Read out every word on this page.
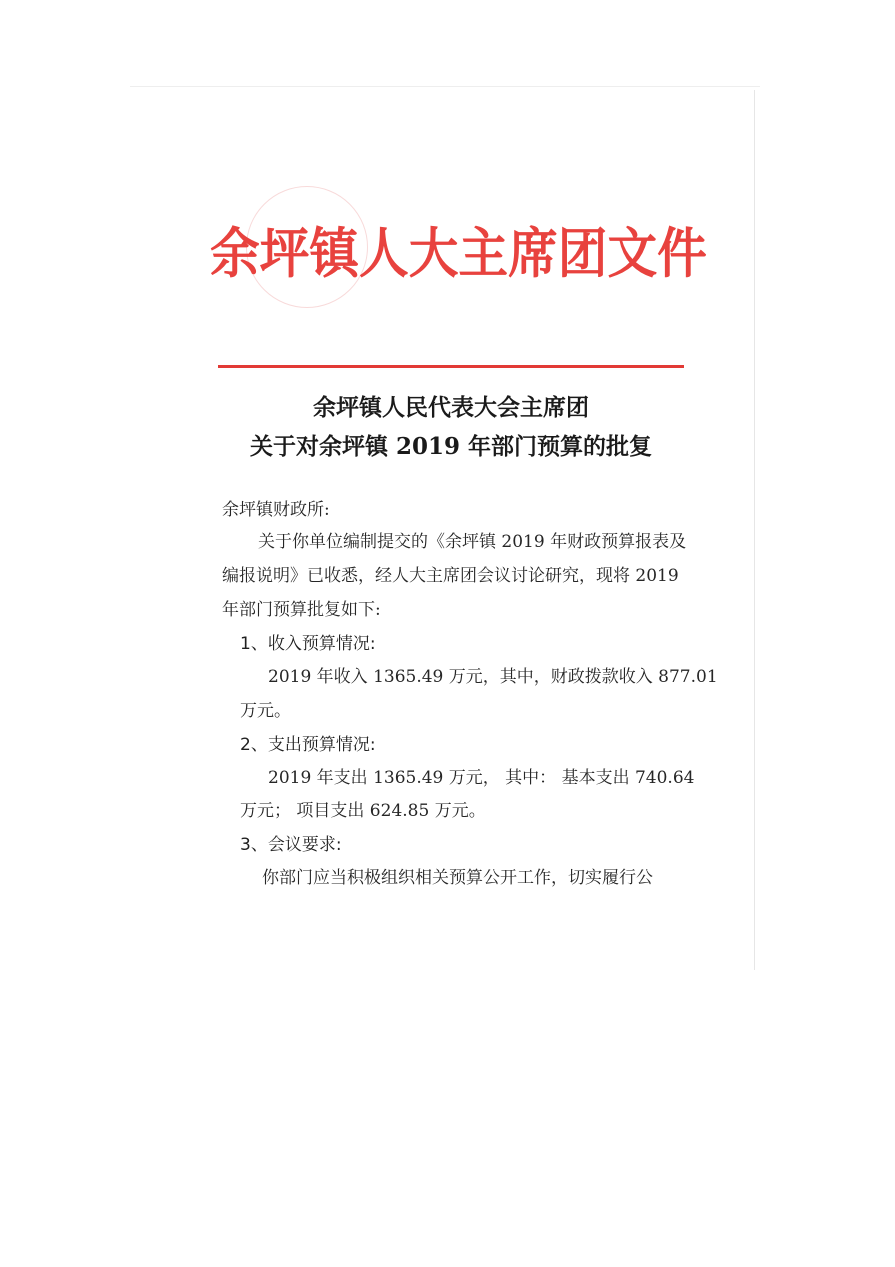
余坪镇人大主席团文件
余坪镇人民代表大会主席团
关于对余坪镇 2019 年部门预算的批复

余坪镇财政所:

关于你单位编制提交的《余坪镇 2019 年财政预算报表及

编报说明》已收悉，经人大主席团会议讨论研究，现将 2019

年部门预算批复如下:

1、收入预算情况:

2019 年收入 1365.49 万元，其中，财政拨款收入 877.01

万元。

2、支出预算情况:

2019 年支出 1365.49 万元， 其中： 基本支出 740.64

万元； 项目支出 624.85 万元。

3、会议要求:

你部门应当积极组织相关预算公开工作，切实履行公
